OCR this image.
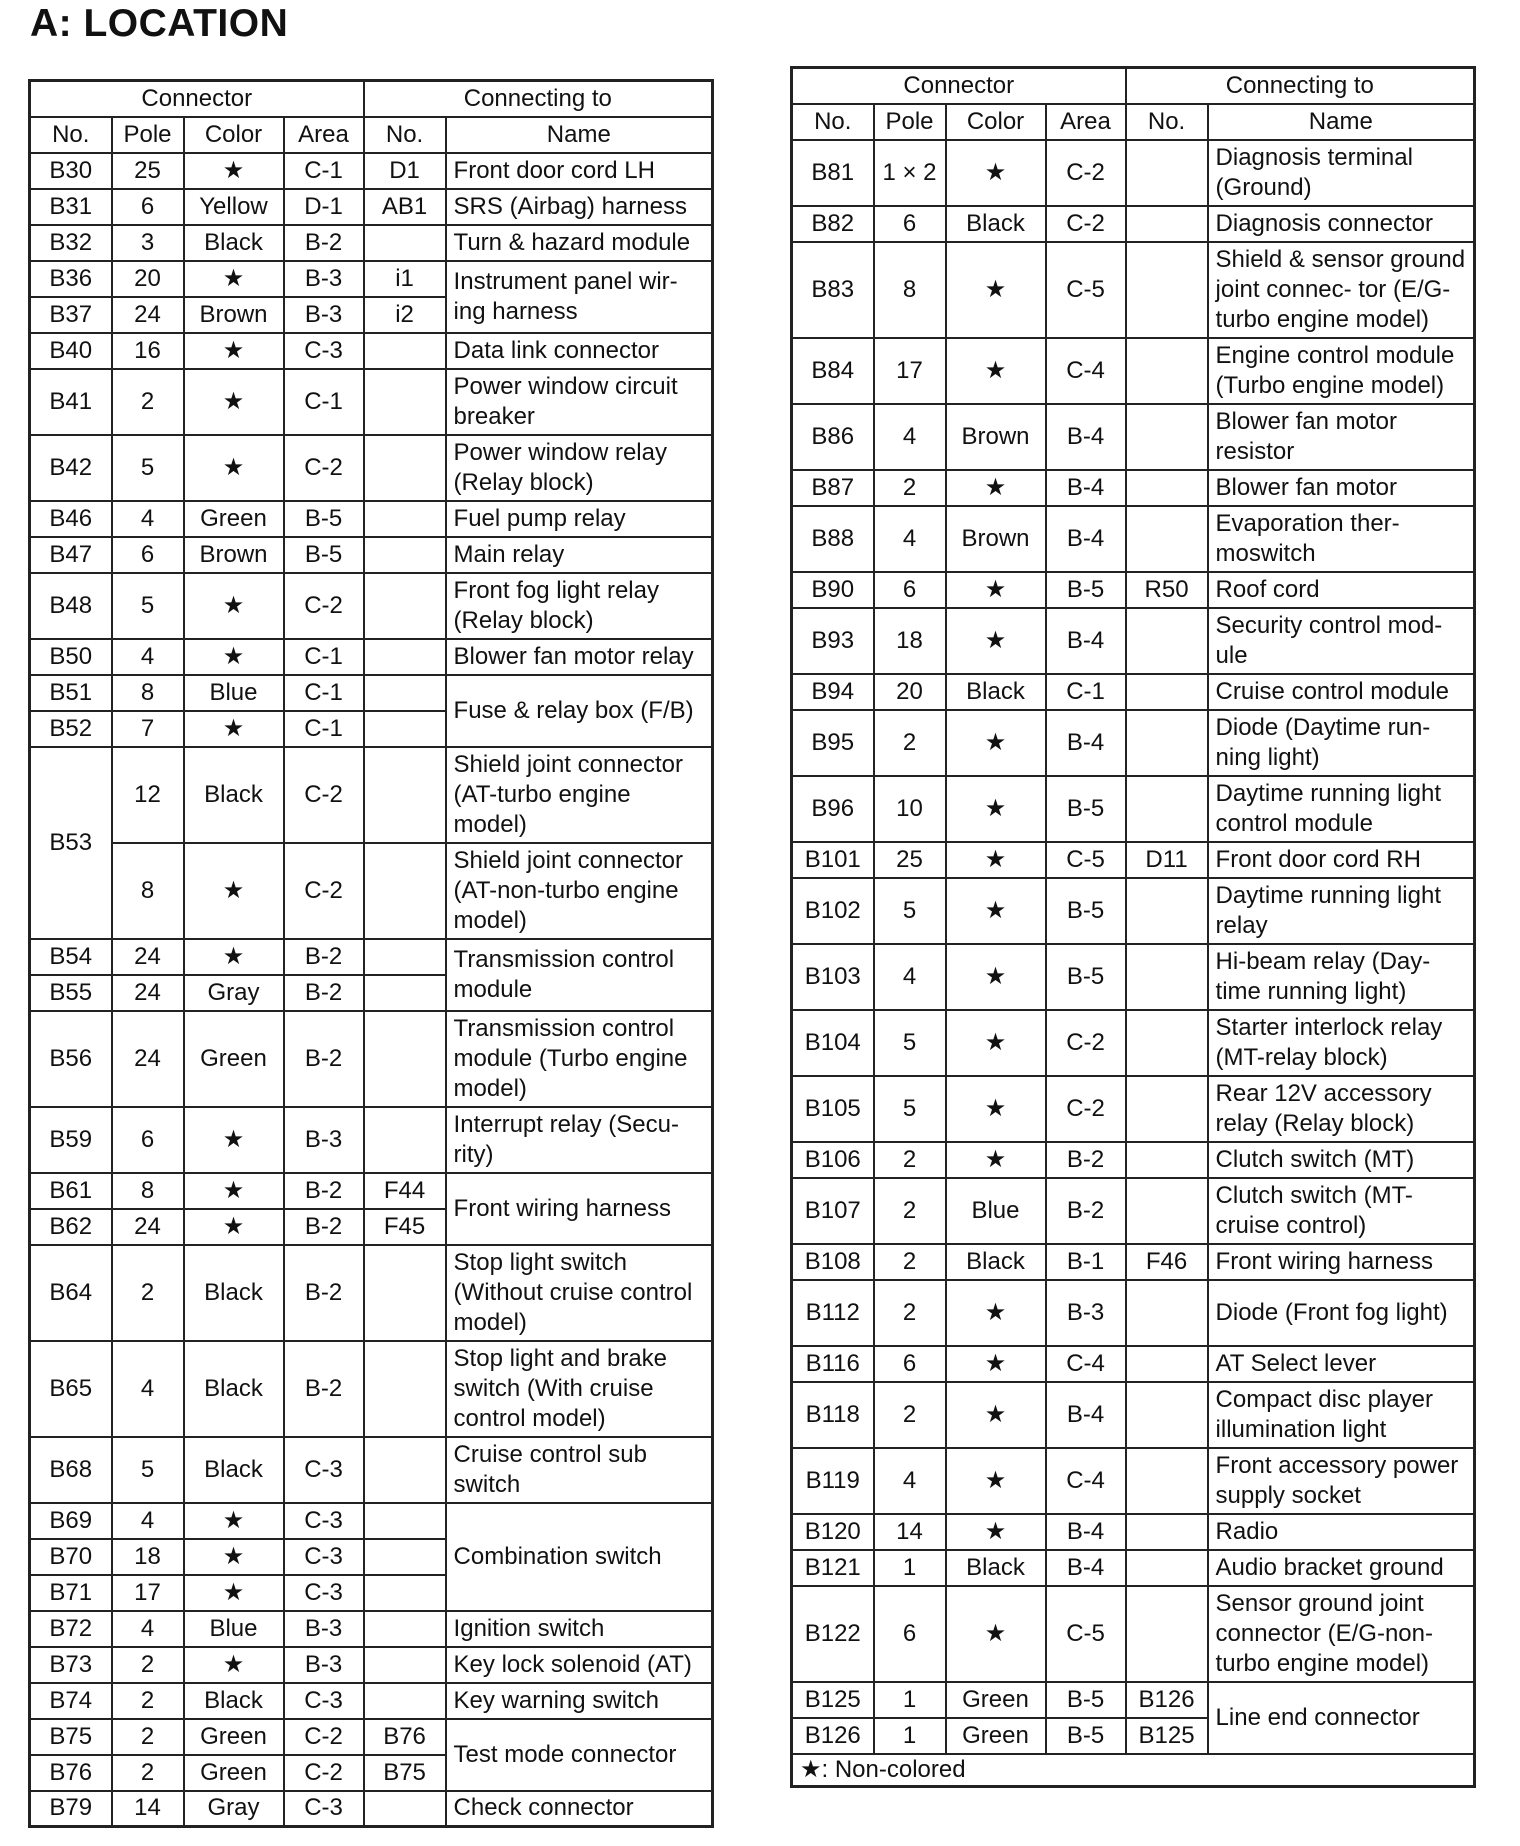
A: LOCATION
Connector				Connecting to	
No.	Pole	Color	Area	No.	Name
B30	25	★	C-1	D1	Front door cord LH
B31	6	Yellow	D-1	AB1	SRS (Airbag) harness
B32	3	Black	B-2		Turn & hazard module
B36	20	★	B-3	i1	Instrument panel wir- ing harness
B37	24	Brown	B-3	i2	
B40	16	★	C-3		Data link connector
B41	2	★	C-1		Power window circuit breaker
B42	5	★	C-2		Power window relay (Relay block)
B46	4	Green	B-5		Fuel pump relay
B47	6	Brown	B-5		Main relay
B48	5	★	C-2		Front fog light relay (Relay block)
B50	4	★	C-1		Blower fan motor relay
B51	8	Blue	C-1		Fuse & relay box (F/B)
B52	7	★	C-1		
B53	12	Black	C-2		Shield joint connector (AT-turbo engine model)
	8	★	C-2		Shield joint connector (AT-non-turbo engine model)
B54	24	★	B-2		Transmission control module
B55	24	Gray	B-2		
B56	24	Green	B-2		Transmission control module (Turbo engine model)
B59	6	★	B-3		Interrupt relay (Secu- rity)
B61	8	★	B-2	F44	Front wiring harness
B62	24	★	B-2	F45	
B64	2	Black	B-2		Stop light switch (Without cruise control model)
B65	4	Black	B-2		Stop light and brake switch (With cruise control model)
B68	5	Black	C-3		Cruise control sub switch
B69	4	★	C-3		Combination switch
B70	18	★	C-3		
B71	17	★	C-3		
B72	4	Blue	B-3		Ignition switch
B73	2	★	B-3		Key lock solenoid (AT)
B74	2	Black	C-3		Key warning switch
B75	2	Green	C-2	B76	Test mode connector
B76	2	Green	C-2	B75	
B79	14	Gray	C-3		Check connector
Connector				Connecting to	
No.	Pole	Color	Area	No.	Name
B81	1 × 2	★	C-2		Diagnosis terminal (Ground)
B82	6	Black	C-2		Diagnosis connector
B83	8	★	C-5		Shield & sensor ground joint connec- tor (E/G-turbo engine model)
B84	17	★	C-4		Engine control module (Turbo engine model)
B86	4	Brown	B-4		Blower fan motor resistor
B87	2	★	B-4		Blower fan motor
B88	4	Brown	B-4		Evaporation ther- moswitch
B90	6	★	B-5	R50	Roof cord
B93	18	★	B-4		Security control mod- ule
B94	20	Black	C-1		Cruise control module
B95	2	★	B-4		Diode (Daytime run- ning light)
B96	10	★	B-5		Daytime running light control module
B101	25	★	C-5	D11	Front door cord RH
B102	5	★	B-5		Daytime running light relay
B103	4	★	B-5		Hi-beam relay (Day- time running light)
B104	5	★	C-2		Starter interlock relay (MT-relay block)
B105	5	★	C-2		Rear 12V accessory relay (Relay block)
B106	2	★	B-2		Clutch switch (MT)
B107	2	Blue	B-2		Clutch switch (MT- cruise control)
B108	2	Black	B-1	F46	Front wiring harness
B112	2	★	B-3		Diode (Front fog light)
B116	6	★	C-4		AT Select lever
B118	2	★	B-4		Compact disc player illumination light
B119	4	★	C-4		Front accessory power supply socket
B120	14	★	B-4		Radio
B121	1	Black	B-4		Audio bracket ground
B122	6	★	C-5		Sensor ground joint connector (E/G-non- turbo engine model)
B125	1	Green	B-5	B126	Line end connector
B126	1	Green	B-5	B125	
★: Non-colored					
